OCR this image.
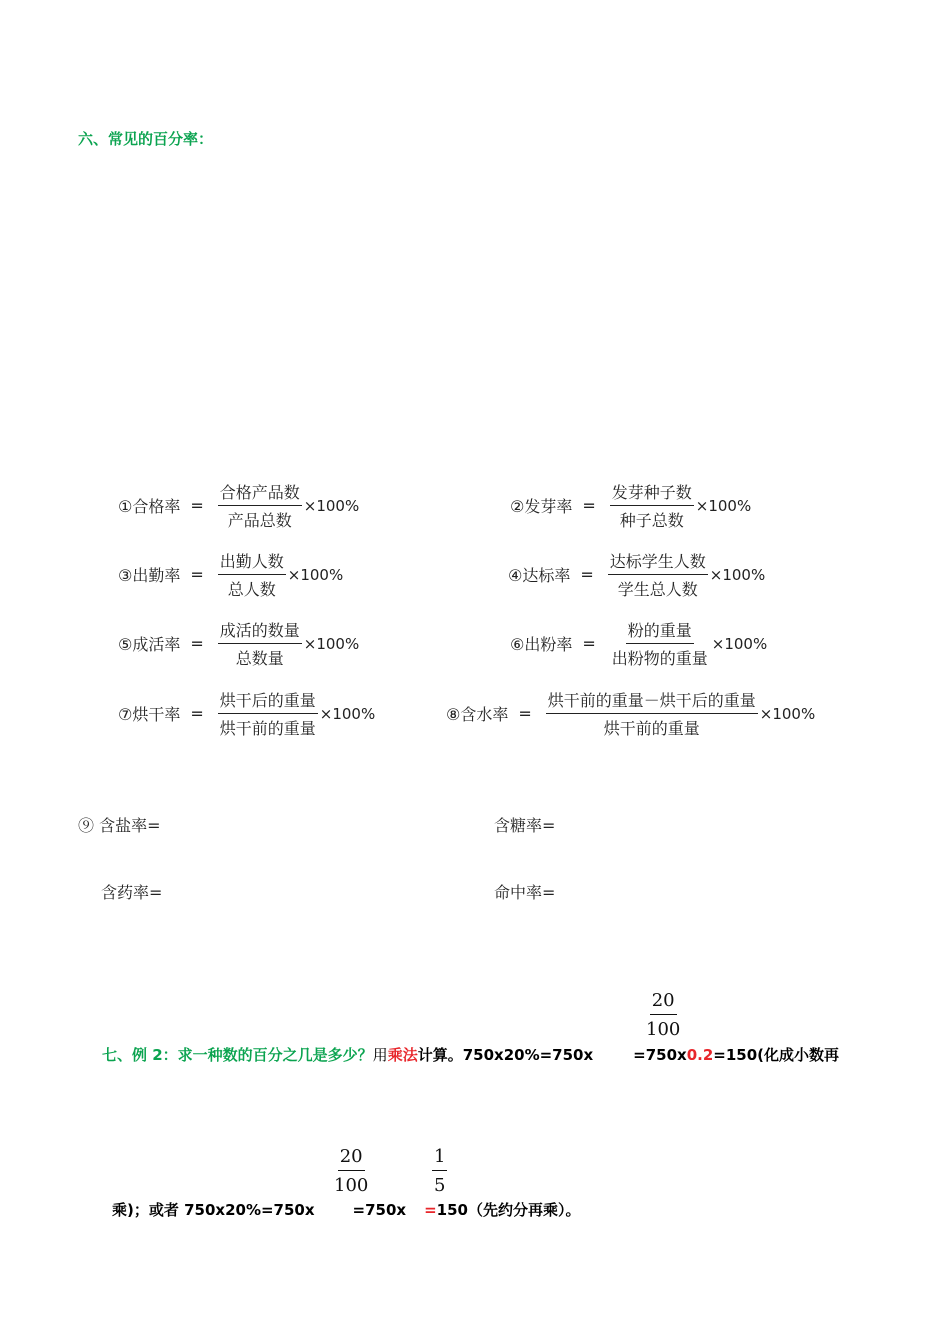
六、常见的百分率：
①合格率 = $\frac{\text{合格产品数}}{\text{产品总数}} \times 100\%$	②发芽率 = $\frac{\text{发芽种子数}}{\text{种子总数}} \times 100\%$
③出勤率 = $\frac{\text{出勤人数}}{\text{总人数}} \times 100\%$	④达标率 = $\frac{\text{达标学生人数}}{\text{学生总人数}} \times 100\%$
⑤成活率 = $\frac{\text{成活的数量}}{\text{总数量}} \times 100\%$	⑥出粉率 = $\frac{\text{粉的重量}}{\text{出粉物的重量}} \times 100\%$
⑦烘干率 = $\frac{\text{烘干后的重量}}{\text{烘干前的重量}} \times 100\%$	⑧含水率 = $\frac{\text{烘干前的重量－烘干后的重量}}{\text{烘干前的重量}} \times 100\%$
⑨ 含盐率=	含糖率=
含药率=	命中率=
$\frac{20}{100}$
七、例 2：求一种数的百分之几是多少？用乘法计算。750x20%=750x	=750x0.2=150(化成小数再
$\frac{20}{100}$	$\frac{1}{5}$
乘)；或者 750x20%=750x	=750x =150（先约分再乘）。
